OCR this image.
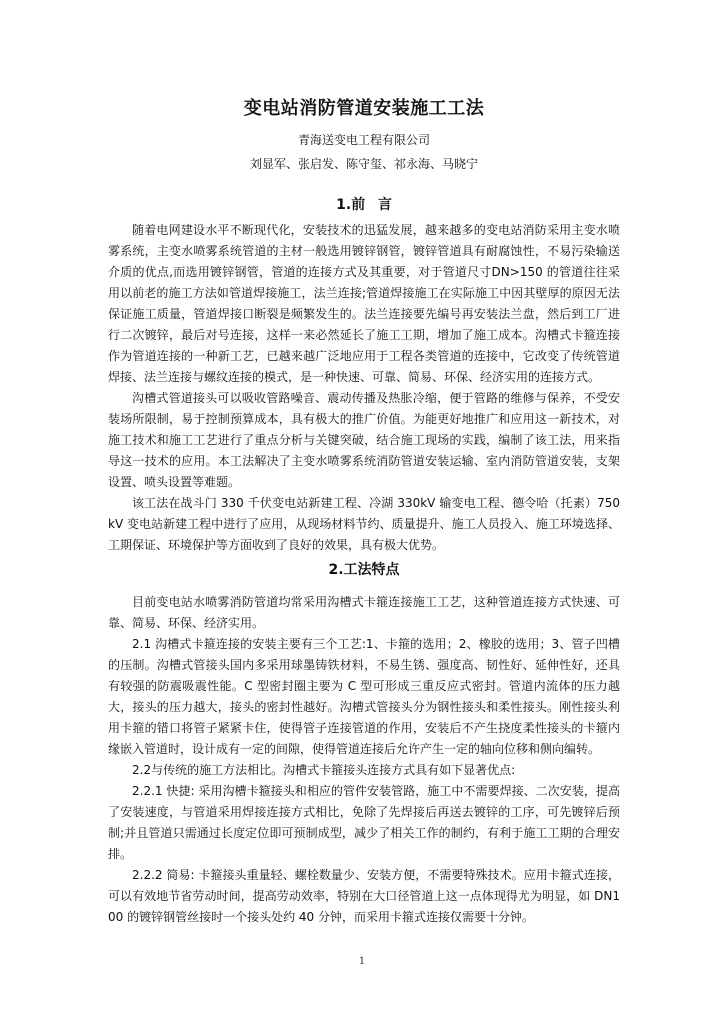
变电站消防管道安装施工工法
青海送变电工程有限公司
刘显军、张启发、陈守玺、祁永海、马晓宁
1.前 言

随着电网建设水平不断现代化，安装技术的迅猛发展，越来越多的变电站消防采用主变水喷雾系统，主变水喷雾系统管道的主材一般选用镀锌钢管，镀锌管道具有耐腐蚀性，不易污染输送介质的优点,而选用镀锌钢管，管道的连接方式及其重要，对于管道尺寸DN>150 的管道往往采用以前老的施工方法如管道焊接施工，法兰连接;管道焊接施工在实际施工中因其壁厚的原因无法保证施工质量，管道焊接口断裂是频繁发生的。法兰连接要先编号再安装法兰盘，然后到工厂进行二次镀锌，最后对号连接，这样一来必然延长了施工工期，增加了施工成本。沟槽式卡箍连接作为管道连接的一种新工艺，已越来越广泛地应用于工程各类管道的连接中，它改变了传统管道焊接、法兰连接与螺纹连接的模式，是一种快速、可靠、简易、环保、经济实用的连接方式。

沟槽式管道接头可以吸收管路噪音、震动传播及热胀冷缩，便于管路的维修与保养，不受安装场所限制，易于控制预算成本，具有极大的推广价值。为能更好地推广和应用这一新技术，对施工技术和施工工艺进行了重点分析与关键突破，结合施工现场的实践，编制了该工法，用来指导这一技术的应用。本工法解决了主变水喷雾系统消防管道安装运输、室内消防管道安装，支架设置、喷头设置等难题。

该工法在战斗门 330 千伏变电站新建工程、冷湖 330kV 输变电工程、德令哈（托素）750kV 变电站新建工程中进行了应用，从现场材料节约、质量提升、施工人员投入、施工环境选择、工期保证、环境保护等方面收到了良好的效果，具有极大优势。

2.工法特点

目前变电站水喷雾消防管道均常采用沟槽式卡箍连接施工工艺，这种管道连接方式快速、可靠、简易、环保、经济实用。

2.1 沟槽式卡箍连接的安装主要有三个工艺:1、卡箍的选用；2、橡胶的选用；3、管子凹槽的压制。沟槽式管接头国内多采用球墨铸铁材料，不易生锈、强度高、韧性好、延伸性好，还具有较强的防震吸震性能。C 型密封圈主要为 C 型可形成三重反应式密封。管道内流体的压力越大，接头的压力越大，接头的密封性越好。沟槽式管接头分为钢性接头和柔性接头。刚性接头利用卡箍的错口将管子紧紧卡住，使得管子连接管道的作用，安装后不产生挠度柔性接头的卡箍内缘嵌入管道时，设计成有一定的间隙，使得管道连接后允许产生一定的轴向位移和侧向编转。

2.2与传统的施工方法相比。沟槽式卡箍接头连接方式具有如下显著优点:

2.2.1 快捷: 采用沟槽卡箍接头和相应的管件安装管路，施工中不需要焊接、二次安装，提高了安装速度，与管道采用焊接连接方式相比，免除了先焊接后再送去镀锌的工序，可先镀锌后预制;并且管道只需通过长度定位即可预制成型，减少了相关工作的制约，有利于施工工期的合理安排。

2.2.2 简易: 卡箍接头重量轻、螺栓数量少、安装方便，不需要特殊技术。应用卡箍式连接，可以有效地节省劳动时间，提高劳动效率，特别在大口径管道上这一点体现得尤为明显，如 DN100 的镀锌钢管丝接时一个接头处约 40 分钟，而采用卡箍式连接仅需要十分钟。

1
